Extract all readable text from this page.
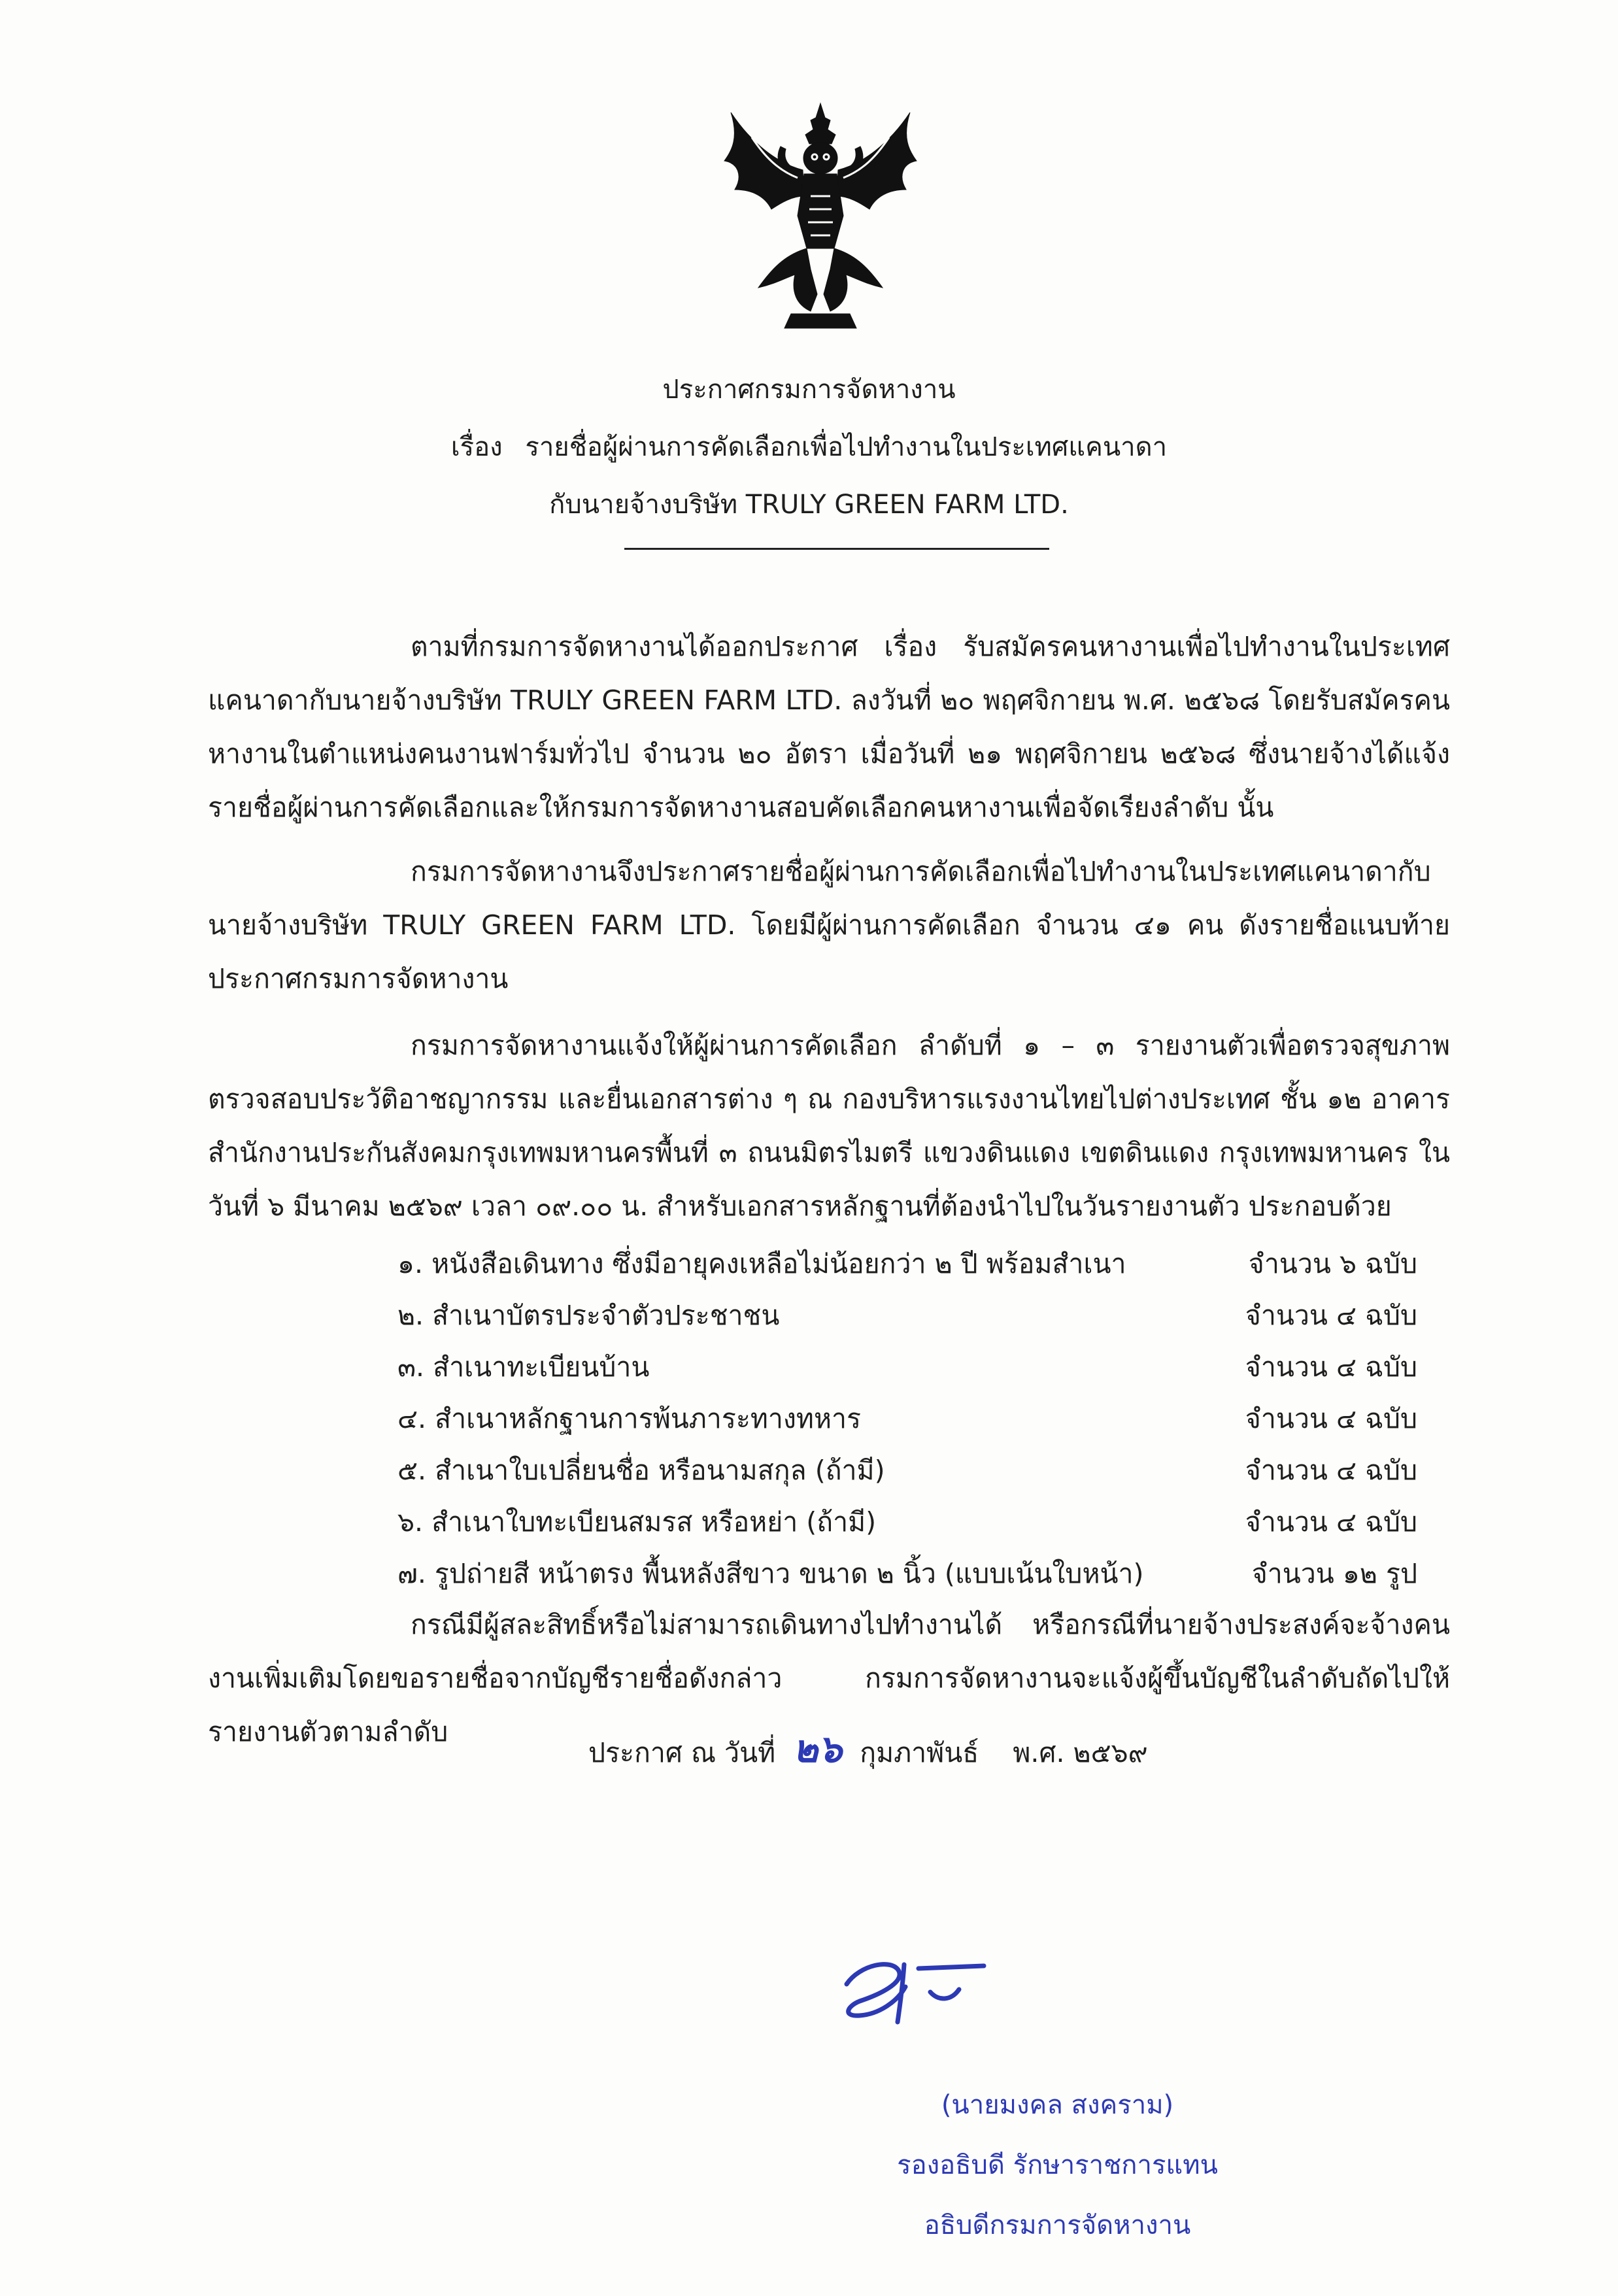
ประกาศกรมการจัดหางาน
เรื่อง รายชื่อผู้ผ่านการคัดเลือกเพื่อไปทำงานในประเทศแคนาดา
กับนายจ้างบริษัท TRULY GREEN FARM LTD.
ตามที่กรมการจัดหางานได้ออกประกาศ เรื่อง รับสมัครคนหางานเพื่อไปทำงานในประเทศแคนาดากับนายจ้างบริษัท TRULY GREEN FARM LTD. ลงวันที่ ๒๐ พฤศจิกายน พ.ศ. ๒๕๖๘ โดยรับสมัครคนหางานในตำแหน่งคนงานฟาร์มทั่วไป จำนวน ๒๐ อัตรา เมื่อวันที่ ๒๑ พฤศจิกายน ๒๕๖๘ ซึ่งนายจ้างได้แจ้งรายชื่อผู้ผ่านการคัดเลือกและให้กรมการจัดหางานสอบคัดเลือกคนหางานเพื่อจัดเรียงลำดับ นั้น
กรมการจัดหางานจึงประกาศรายชื่อผู้ผ่านการคัดเลือกเพื่อไปทำงานในประเทศแคนาดากับนายจ้างบริษัท TRULY GREEN FARM LTD. โดยมีผู้ผ่านการคัดเลือก จำนวน ๔๑ คน ดังรายชื่อแนบท้ายประกาศกรมการจัดหางาน
กรมการจัดหางานแจ้งให้ผู้ผ่านการคัดเลือก ลำดับที่ ๑ – ๓ รายงานตัวเพื่อตรวจสุขภาพ ตรวจสอบประวัติอาชญากรรม และยื่นเอกสารต่าง ๆ ณ กองบริหารแรงงานไทยไปต่างประเทศ ชั้น ๑๒ อาคารสำนักงานประกันสังคมกรุงเทพมหานครพื้นที่ ๓ ถนนมิตรไมตรี แขวงดินแดง เขตดินแดง กรุงเทพมหานคร ในวันที่ ๖ มีนาคม ๒๕๖๙ เวลา ๐๙.๐๐ น. สำหรับเอกสารหลักฐานที่ต้องนำไปในวันรายงานตัว ประกอบด้วย
๑. หนังสือเดินทาง ซึ่งมีอายุคงเหลือไม่น้อยกว่า ๒ ปี พร้อมสำเนา	จำนวน ๖ ฉบับ
๒. สำเนาบัตรประจำตัวประชาชน	จำนวน ๔ ฉบับ
๓. สำเนาทะเบียนบ้าน	จำนวน ๔ ฉบับ
๔. สำเนาหลักฐานการพ้นภาระทางทหาร	จำนวน ๔ ฉบับ
๕. สำเนาใบเปลี่ยนชื่อ หรือนามสกุล (ถ้ามี)	จำนวน ๔ ฉบับ
๖. สำเนาใบทะเบียนสมรส หรือหย่า (ถ้ามี)	จำนวน ๔ ฉบับ
๗. รูปถ่ายสี หน้าตรง พื้นหลังสีขาว ขนาด ๒ นิ้ว (แบบเน้นใบหน้า)	จำนวน ๑๒ รูป
กรณีมีผู้สละสิทธิ์หรือไม่สามารถเดินทางไปทำงานได้ หรือกรณีที่นายจ้างประสงค์จะจ้างคนงานเพิ่มเติมโดยขอรายชื่อจากบัญชีรายชื่อดังกล่าว กรมการจัดหางานจะแจ้งผู้ขึ้นบัญชีในลำดับถัดไปให้รายงานตัวตามลำดับ
ประกาศ ณ วันที่ ๒๖ กุมภาพันธ์ พ.ศ. ๒๕๖๙
(นายมงคล สงคราม)
รองอธิบดี รักษาราชการแทน
อธิบดีกรมการจัดหางาน
